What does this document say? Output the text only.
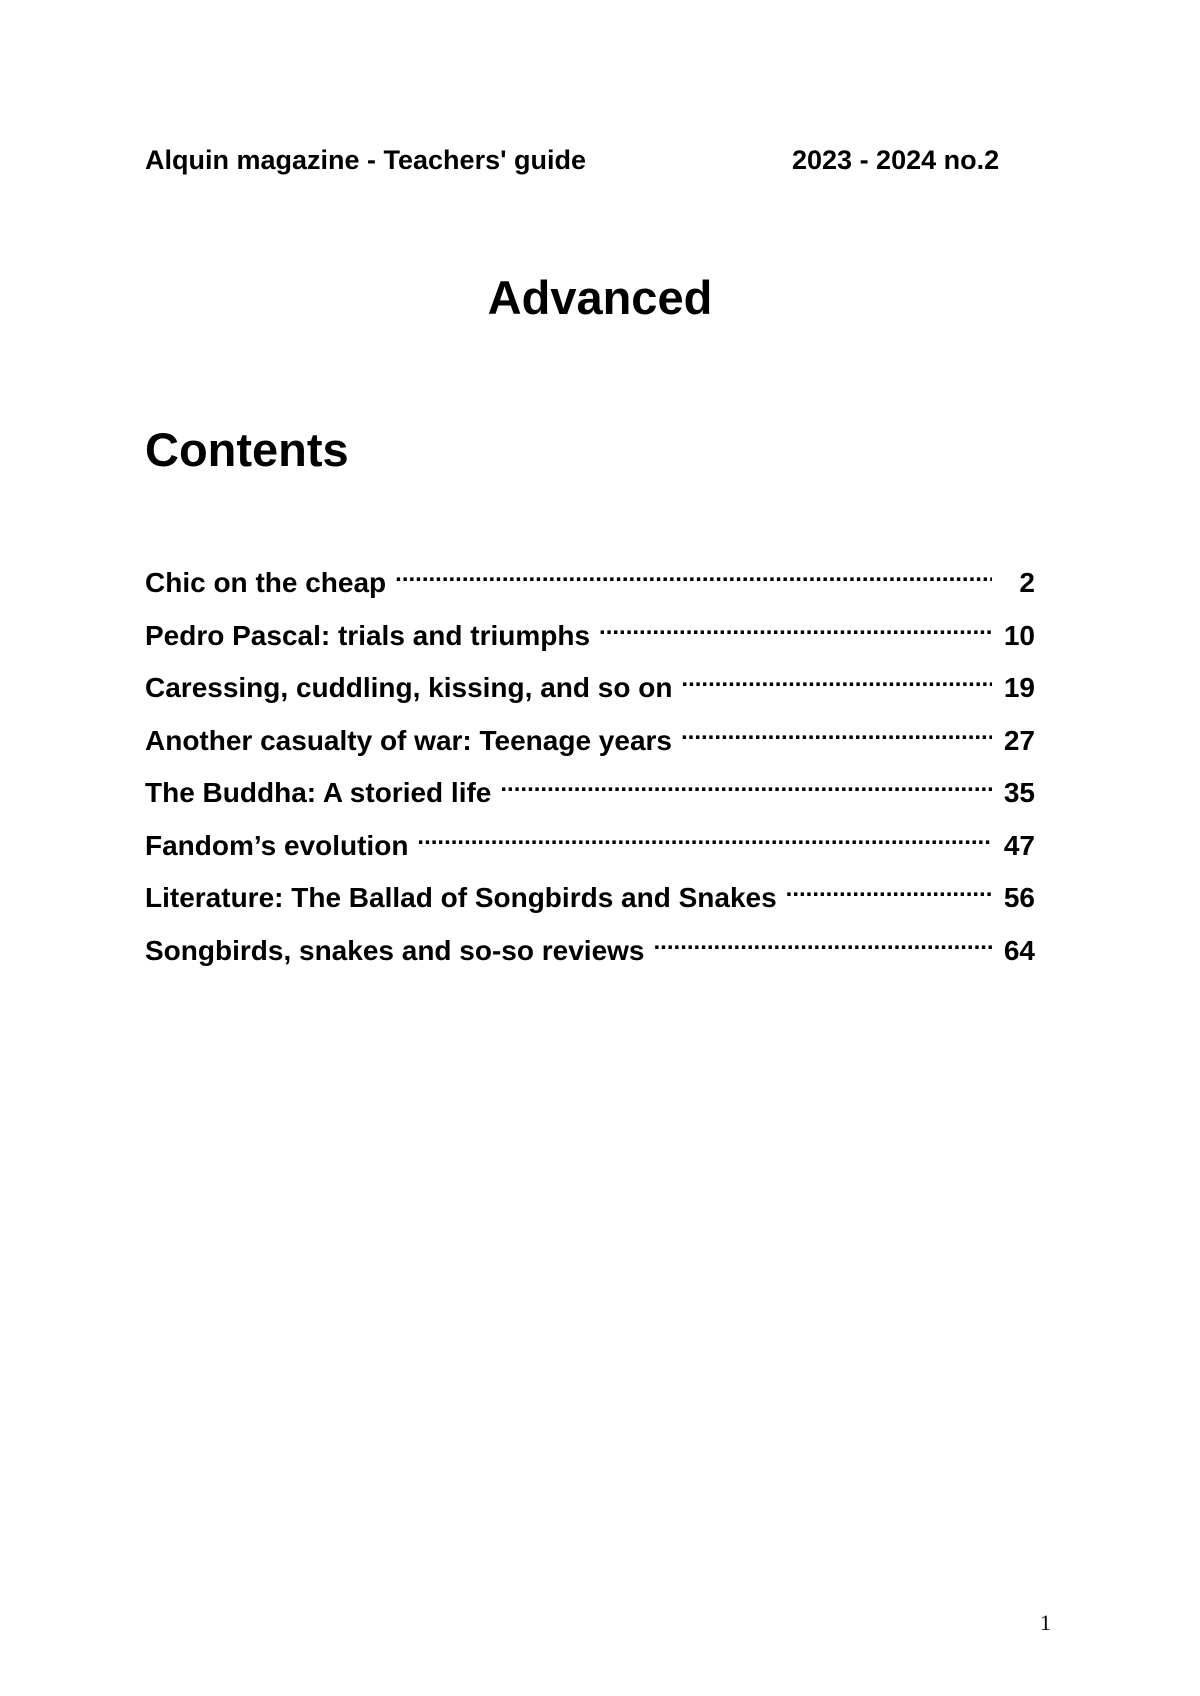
Alquin magazine - Teachers' guide	2023 - 2024 no.2
Advanced
Contents
Chic on the cheap .....	2
Pedro Pascal: trials and triumphs .....	10
Caressing, cuddling, kissing, and so on .....	19
Another casualty of war: Teenage years .....	27
The Buddha: A storied life .....	35
Fandom’s evolution .....	47
Literature: The Ballad of Songbirds and Snakes .....	56
Songbirds, snakes and so-so reviews .....	64
1
